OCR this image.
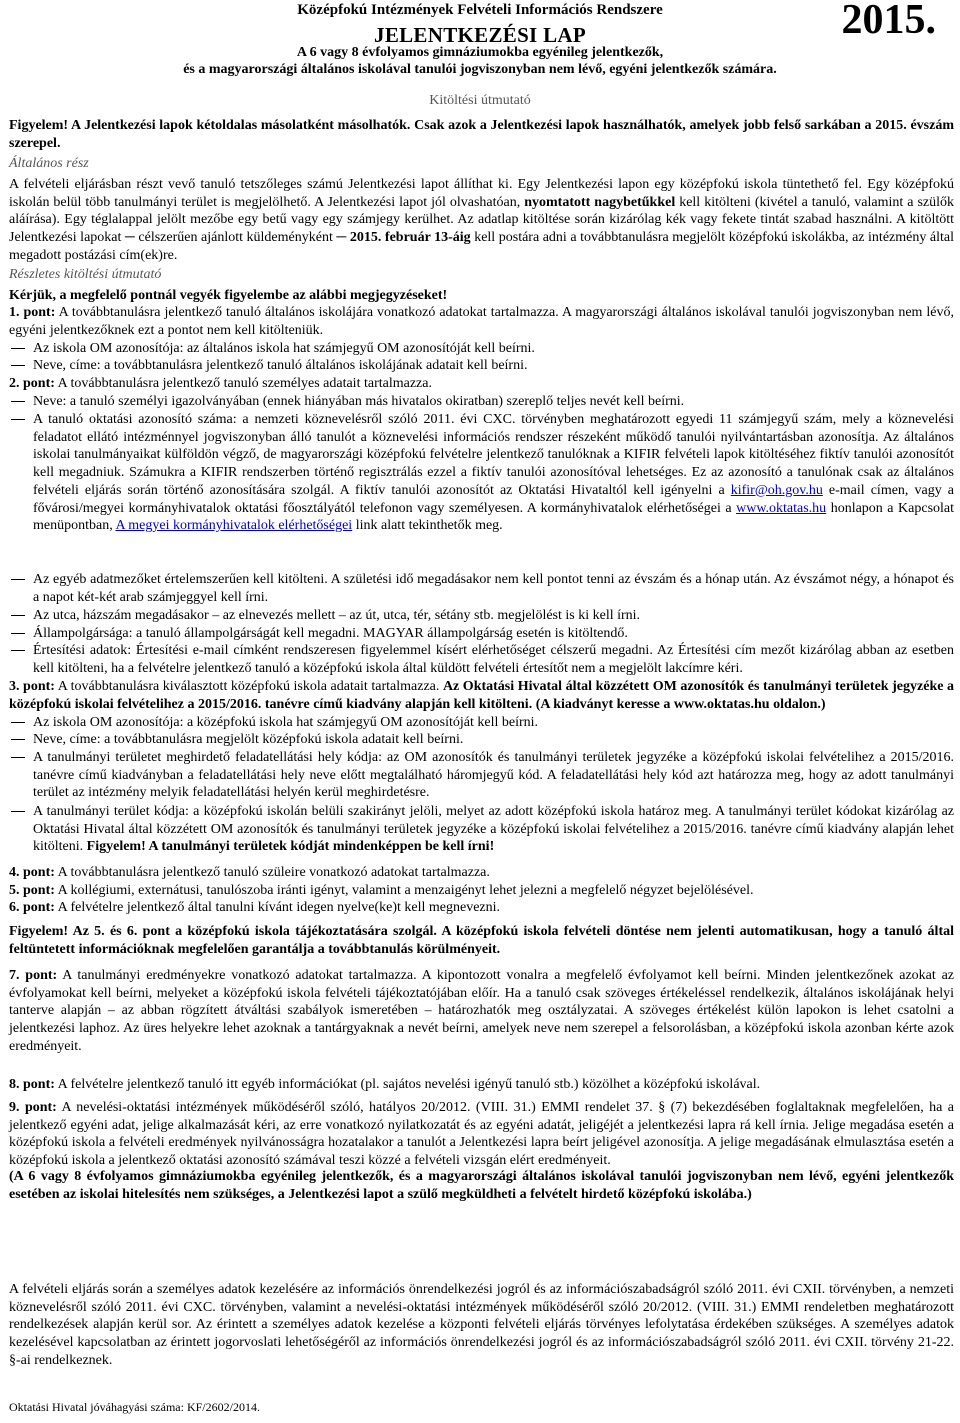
Középfokú Intézmények Felvételi Információs Rendszere
JELENTKEZÉSI LAP	2015.
A 6 vagy 8 évfolyamos gimnáziumokba egyénileg jelentkezők,
és a magyarországi általános iskolával tanulói jogviszonyban nem lévő, egyéni jelentkezők számára.
Kitöltési útmutató
Figyelem! A Jelentkezési lapok kétoldalas másolatként másolhatók. Csak azok a Jelentkezési lapok használhatók, amelyek jobb felső sarkában a 2015. évszám szerepel.
Általános rész
A felvételi eljárásban részt vevő tanuló tetszőleges számú Jelentkezési lapot állíthat ki. Egy Jelentkezési lapon egy középfokú iskola tüntethető fel. Egy középfokú iskolán belül több tanulmányi terület is megjelölhető. A Jelentkezési lapot jól olvashatóan, nyomtatott nagybetűkkel kell kitölteni (kivétel a tanuló, valamint a szülők aláírása). Egy téglalappal jelölt mezőbe egy betű vagy egy számjegy kerülhet. Az adatlap kitöltése során kizárólag kék vagy fekete tintát szabad használni. A kitöltött Jelentkezési lapokat ─ célszerűen ajánlott küldeményként ─ 2015. február 13-áig kell postára adni a továbbtanulásra megjelölt középfokú iskolákba, az intézmény által megadott postázási cím(ek)re.
Részletes kitöltési útmutató
Kérjük, a megfelelő pontnál vegyék figyelembe az alábbi megjegyzéseket!
1. pont: A továbbtanulásra jelentkező tanuló általános iskolájára vonatkozó adatokat tartalmazza. A magyarországi általános iskolával tanulói jogviszonyban nem lévő, egyéni jelentkezőknek ezt a pontot nem kell kitölteniük.
Az iskola OM azonosítója: az általános iskola hat számjegyű OM azonosítóját kell beírni.
Neve, címe: a továbbtanulásra jelentkező tanuló általános iskolájának adatait kell beírni.
2. pont: A továbbtanulásra jelentkező tanuló személyes adatait tartalmazza.
Neve: a tanuló személyi igazolványában (ennek hiányában más hivatalos okiratban) szereplő teljes nevét kell beírni.
A tanuló oktatási azonosító száma: a nemzeti köznevelésről szóló 2011. évi CXC. törvényben meghatározott egyedi 11 számjegyű szám, mely a köznevelési feladatot ellátó intézménnyel jogviszonyban álló tanulót a köznevelési információs rendszer részeként működő tanulói nyilvántartásban azonosítja. Az általános iskolai tanulmányaikat külföldön végző, de magyarországi középfokú felvételre jelentkező tanulóknak a KIFIR felvételi lapok kitöltéséhez fiktív tanulói azonosítót kell megadniuk. Számukra a KIFIR rendszerben történő regisztrálás ezzel a fiktív tanulói azonosítóval lehetséges. Ez az azonosító a tanulónak csak az általános felvételi eljárás során történő azonosítására szolgál. A fiktív tanulói azonosítót az Oktatási Hivataltól kell igényelni a kifir@oh.gov.hu e-mail címen, vagy a fővárosi/megyei kormányhivatalok oktatási főosztályától telefonon vagy személyesen. A kormányhivatalok elérhetőségei a www.oktatas.hu honlapon a Kapcsolat menüpontban, A megyei kormányhivatalok elérhetőségei link alatt tekinthetők meg.
Az egyéb adatmezőket értelemszerűen kell kitölteni. A születési idő megadásakor nem kell pontot tenni az évszám és a hónap után. Az évszámot négy, a hónapot és a napot két-két arab számjeggyel kell írni.
Az utca, házszám megadásakor – az elnevezés mellett – az út, utca, tér, sétány stb. megjelölést is ki kell írni.
Állampolgársága: a tanuló állampolgárságát kell megadni. MAGYAR állampolgárság esetén is kitöltendő.
Értesítési adatok: Értesítési e-mail címként rendszeresen figyelemmel kísért elérhetőséget célszerű megadni. Az Értesítési cím mezőt kizárólag abban az esetben kell kitölteni, ha a felvételre jelentkező tanuló a középfokú iskola által küldött felvételi értesítőt nem a megjelölt lakcímre kéri.
3. pont: A továbbtanulásra kiválasztott középfokú iskola adatait tartalmazza. Az Oktatási Hivatal által közzétett OM azonosítók és tanulmányi területek jegyzéke a középfokú iskolai felvételihez a 2015/2016. tanévre című kiadvány alapján kell kitölteni. (A kiadványt keresse a www.oktatas.hu oldalon.)
Az iskola OM azonosítója: a középfokú iskola hat számjegyű OM azonosítóját kell beírni.
Neve, címe: a továbbtanulásra megjelölt középfokú iskola adatait kell beírni.
A tanulmányi területet meghirdető feladatellátási hely kódja: az OM azonosítók és tanulmányi területek jegyzéke a középfokú iskolai felvételihez a 2015/2016. tanévre című kiadványban a feladatellátási hely neve előtt megtalálható háromjegyű kód. A feladatellátási hely kód azt határozza meg, hogy az adott tanulmányi terület az intézmény melyik feladatellátási helyén kerül meghirdetésre.
A tanulmányi terület kódja: a középfokú iskolán belüli szakirányt jelöli, melyet az adott középfokú iskola határoz meg. A tanulmányi terület kódokat kizárólag az Oktatási Hivatal által közzétett OM azonosítók és tanulmányi területek jegyzéke a középfokú iskolai felvételihez a 2015/2016. tanévre című kiadvány alapján lehet kitölteni. Figyelem! A tanulmányi területek kódját mindenképpen be kell írni!
4. pont: A továbbtanulásra jelentkező tanuló szüleire vonatkozó adatokat tartalmazza.
5. pont: A kollégiumi, externátusi, tanulószoba iránti igényt, valamint a menzaigényt lehet jelezni a megfelelő négyzet bejelölésével.
6. pont: A felvételre jelentkező által tanulni kívánt idegen nyelve(ke)t kell megnevezni.
Figyelem! Az 5. és 6. pont a középfokú iskola tájékoztatására szolgál. A középfokú iskola felvételi döntése nem jelenti automatikusan, hogy a tanuló által feltüntetett információknak megfelelően garantálja a továbbtanulás körülményeit.
7. pont: A tanulmányi eredményekre vonatkozó adatokat tartalmazza. A kipontozott vonalra a megfelelő évfolyamot kell beírni. Minden jelentkezőnek azokat az évfolyamokat kell beírni, melyeket a középfokú iskola felvételi tájékoztatójában előír. Ha a tanuló csak szöveges értékeléssel rendelkezik, általános iskolájának helyi tanterve alapján – az abban rögzített átváltási szabályok ismeretében – határozhatók meg osztályzatai. A szöveges értékelést külön lapokon is lehet csatolni a jelentkezési laphoz. Az üres helyekre lehet azoknak a tantárgyaknak a nevét beírni, amelyek neve nem szerepel a felsorolásban, a középfokú iskola azonban kérte azok eredményeit.
8. pont: A felvételre jelentkező tanuló itt egyéb információkat (pl. sajátos nevelési igényű tanuló stb.) közölhet a középfokú iskolával.
9. pont: A nevelési-oktatási intézmények működéséről szóló, hatályos 20/2012. (VIII. 31.) EMMI rendelet 37. § (7) bekezdésében foglaltaknak megfelelően, ha a jelentkező egyéni adat, jelige alkalmazását kéri, az erre vonatkozó nyilatkozatát és az egyéni adatát, jeligéjét a jelentkezési lapra rá kell írnia. Jelige megadása esetén a középfokú iskola a felvételi eredmények nyilvánosságra hozatalakor a tanulót a Jelentkezési lapra beírt jeligével azonosítja. A jelige megadásának elmulasztása esetén a középfokú iskola a jelentkező oktatási azonosító számával teszi közzé a felvételi vizsgán elért eredményeit.
(A 6 vagy 8 évfolyamos gimnáziumokba egyénileg jelentkezők, és a magyarországi általános iskolával tanulói jogviszonyban nem lévő, egyéni jelentkezők esetében az iskolai hitelesítés nem szükséges, a Jelentkezési lapot a szülő megküldheti a felvételt hirdető középfokú iskolába.)
A felvételi eljárás során a személyes adatok kezelésére az információs önrendelkezési jogról és az információszabadságról szóló 2011. évi CXII. törvényben, a nemzeti köznevelésről szóló 2011. évi CXC. törvényben, valamint a nevelési-oktatási intézmények működéséről szóló 20/2012. (VIII. 31.) EMMI rendeletben meghatározott rendelkezések alapján kerül sor. Az érintett a személyes adatok kezelése a központi felvételi eljárás törvényes lefolytatása érdekében szükséges. A személyes adatok kezelésével kapcsolatban az érintett jogorvoslati lehetőségéről az információs önrendelkezési jogról és az információszabadságról szóló 2011. évi CXII. törvény 21-22. §-ai rendelkeznek.
Oktatási Hivatal jóváhagyási száma: KF/2602/2014.
